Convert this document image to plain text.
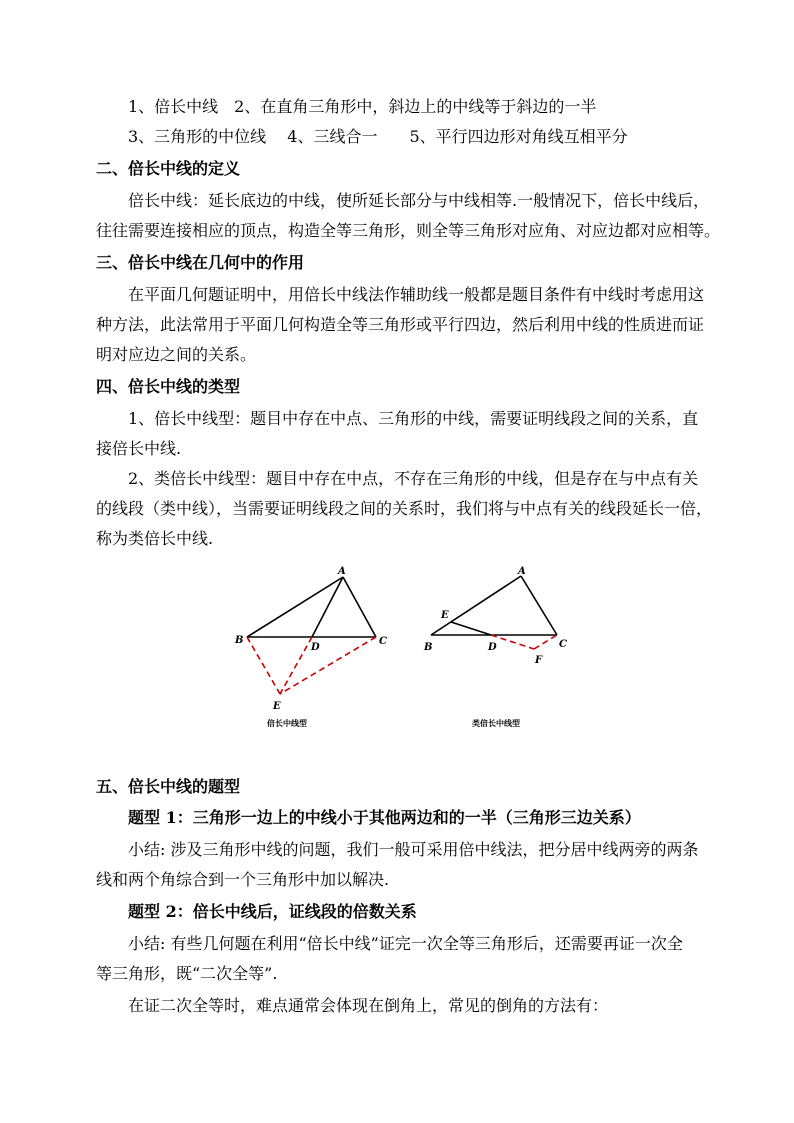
1、倍长中线　2、在直角三角形中，斜边上的中线等于斜边的一半
3、三角形的中位线　 4、三线合一　　5、平行四边形对角线互相平分
二、倍长中线的定义
倍长中线：延长底边的中线，使所延长部分与中线相等.一般情况下，倍长中线后，
往往需要连接相应的顶点，构造全等三角形，则全等三角形对应角、对应边都对应相等。
三、倍长中线在几何中的作用
在平面几何题证明中，用倍长中线法作辅助线一般都是题目条件有中线时考虑用这
种方法，此法常用于平面几何构造全等三角形或平行四边，然后利用中线的性质进而证
明对应边之间的关系。
四、倍长中线的类型
1、倍长中线型：题目中存在中点、三角形的中线，需要证明线段之间的关系，直
接倍长中线.
2、类倍长中线型：题目中存在中点，不存在三角形的中线，但是存在与中点有关
的线段（类中线），当需要证明线段之间的关系时，我们将与中点有关的线段延长一倍，
称为类倍长中线.
A
B	C
D
E
倍长中线型
A
B	C
D
E
F
类倍长中线型
五、倍长中线的题型
题型 1：三角形一边上的中线小于其他两边和的一半（三角形三边关系）
小结: 涉及三角形中线的问题，我们一般可采用倍中线法，把分居中线两旁的两条
线和两个角综合到一个三角形中加以解决.
题型 2：倍长中线后，证线段的倍数关系
小结: 有些几何题在利用“倍长中线”证完一次全等三角形后，还需要再证一次全
等三角形，既“二次全等”.
在证二次全等时，难点通常会体现在倒角上，常见的倒角的方法有：
